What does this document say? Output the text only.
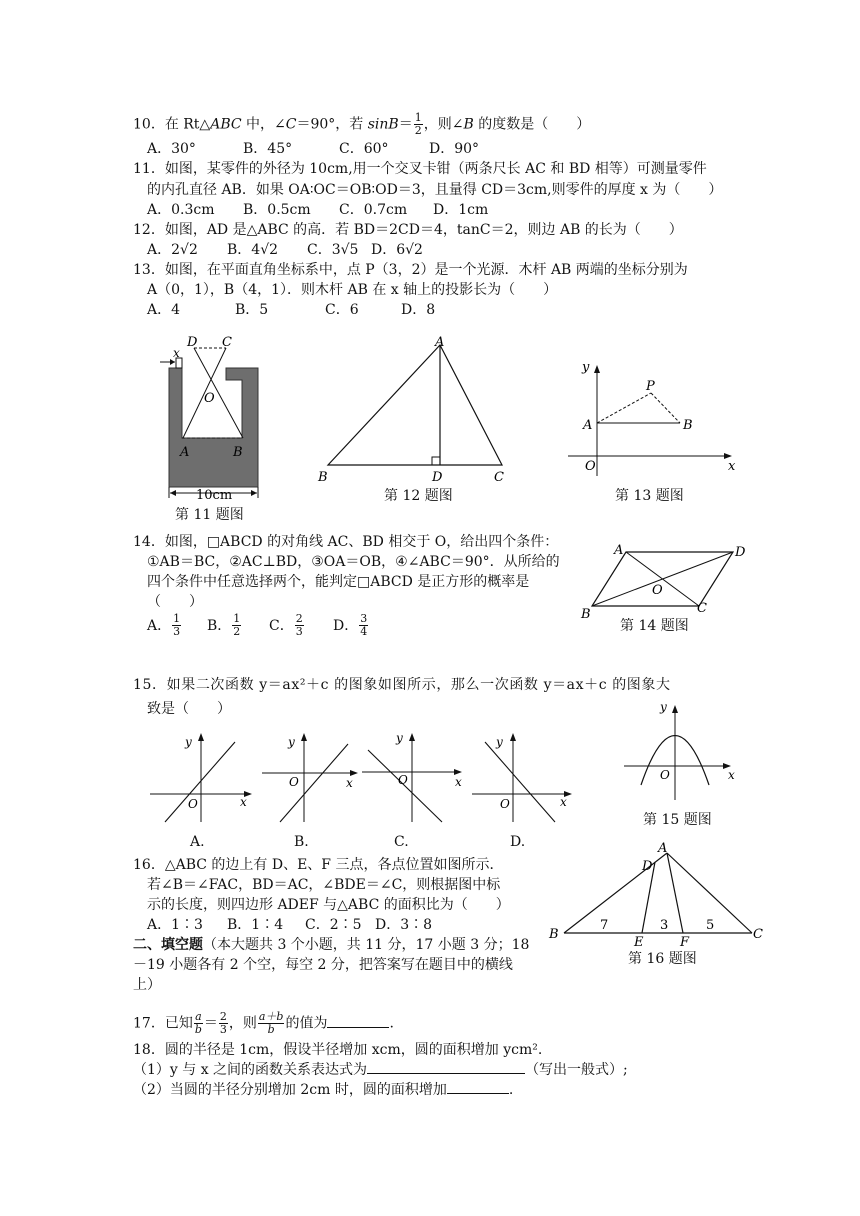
10．在 Rt△ABC 中，∠C＝90°，若 $\sin B= \frac{1}{2}$ ，则∠B 的度数是（　　）
A．30°	B．45°	C．60°	D．90°
11．如图，某零件的外径为 10cm,用一个交叉卡钳（两条尺长 AC 和 BD 相等）可测量零件
的内孔直径 AB．如果 OA∶OC＝OB∶OD＝3，且量得 CD＝3cm,则零件的厚度 x 为（　　）
A．0.3cm B．0.5cm C．0.7cm D．1cm
12．如图，AD 是△ABC 的高．若 BD＝2CD＝4，tanC＝2，则边 AB 的长为（　　）
A．2√2 B．4√2 C．3√5 D．6√2
13．如图，在平面直角坐标系中，点 P（3，2）是一个光源．木杆 AB 两端的坐标分别为
A（0，1），B（4，1）．则木杆 AB 在 x 轴上的投影长为（　　）
A．4	B．5	C．6	D．8
10cm
D C
x
O
A	B
第 11 题图
A
B	D	C
第 12 题图
y
x
O
A	B
P
第 13 题图
14．如图，□ABCD 的对角线 AC、BD 相交于 O，给出四个条件：
①AB＝BC，②AC⊥BD，③OA＝OB，④∠ABC＝90°．从所给的
四个条件中任意选择两个，能判定□ABCD 是正方形的概率是
（　　）
A． $\frac{1}{3}$ B． $\frac{1}{2}$ C． $\frac{2}{3}$ D． $\frac{3}{4}$
A	D
B	C
O
第 14 题图
15．如果二次函数 y＝ax²＋c 的图象如图所示，那么一次函数 y＝ax＋c 的图象大
致是（　　）
y
x
O
y
x
O
y
x
O
y
x
O
A.	B.	C.	D.
y
x
O
第 15 题图
16．△ABC 的边上有 D、E、F 三点，各点位置如图所示．
若∠B＝∠FAC，BD＝AC，∠BDE＝∠C，则根据图中标
示的长度，则四边形 ADEF 与△ABC 的面积比为（　　）
A．1∶3 B．1∶4 C．2∶5 D．3∶8
A
D
B	C
E	F
7	3	5
第 16 题图
二、填空题（本大题共 3 个小题，共 11 分，17 小题 3 分；18
－19 小题各有 2 个空，每空 2 分，把答案写在题目中的横线
上）
17．已知 $\frac{a}{b} = \frac{2}{3}$ ，则 $\frac{a+b}{b}$ 的值为	.
18．圆的半径是 1cm，假设半径增加 xcm，圆的面积增加 ycm².
（1）y 与 x 之间的函数关系表达式为	（写出一般式）;
（2）当圆的半径分别增加 2cm 时，圆的面积增加	.
